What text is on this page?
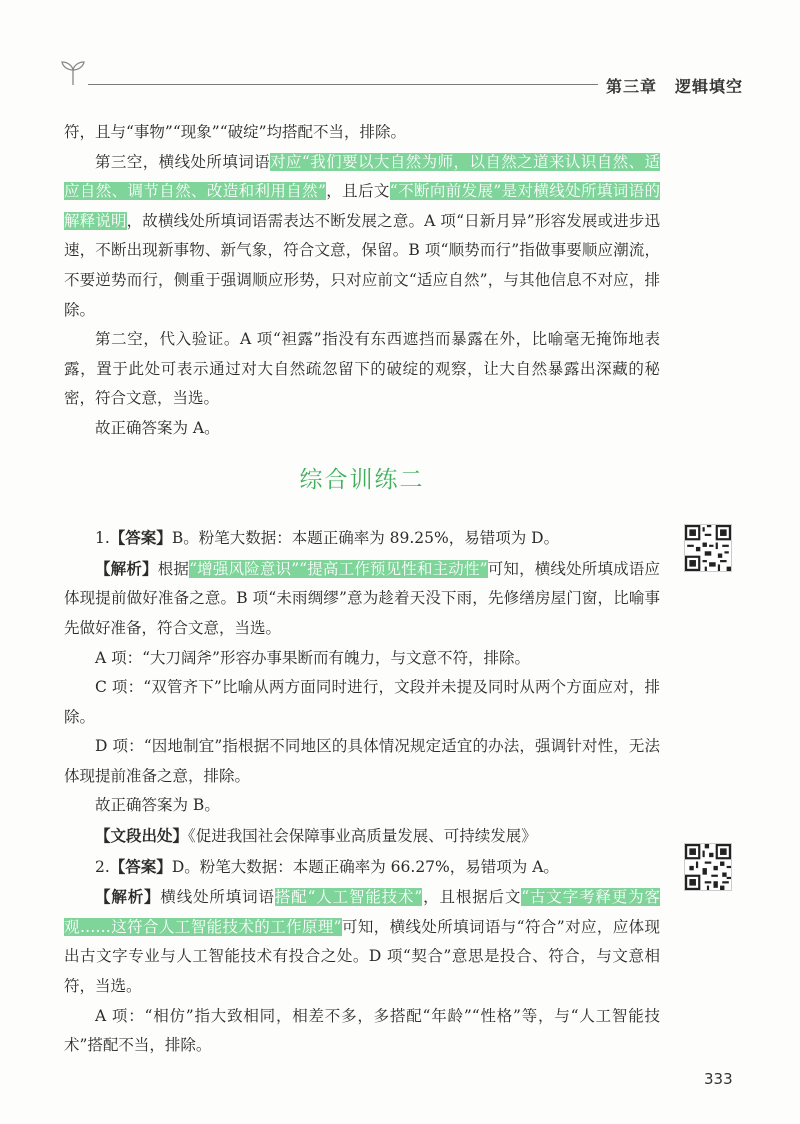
第三章 逻辑填空

符，且与“事物”“现象”“破绽”均搭配不当，排除。

第三空，横线处所填词语对应“我们要以大自然为师，以自然之道来认识自然、适应自然、调节自然、改造和利用自然”，且后文“不断向前发展”是对横线处所填词语的解释说明，故横线处所填词语需表达不断发展之意。A 项“日新月异”形容发展或进步迅速，不断出现新事物、新气象，符合文意，保留。B 项“顺势而行”指做事要顺应潮流，不要逆势而行，侧重于强调顺应形势，只对应前文“适应自然”，与其他信息不对应，排除。

第二空，代入验证。A 项“袒露”指没有东西遮挡而暴露在外，比喻毫无掩饰地表露，置于此处可表示通过对大自然疏忽留下的破绽的观察，让大自然暴露出深藏的秘密，符合文意，当选。

故正确答案为 A。

综合训练二

1.【答案】B。粉笔大数据：本题正确率为 89.25%，易错项为 D。

【解析】根据“增强风险意识”“提高工作预见性和主动性”可知，横线处所填成语应体现提前做好准备之意。B 项“未雨绸缪”意为趁着天没下雨，先修缮房屋门窗，比喻事先做好准备，符合文意，当选。

A 项：“大刀阔斧”形容办事果断而有魄力，与文意不符，排除。

C 项：“双管齐下”比喻从两方面同时进行，文段并未提及同时从两个方面应对，排除。

D 项：“因地制宜”指根据不同地区的具体情况规定适宜的办法，强调针对性，无法体现提前准备之意，排除。

故正确答案为 B。

【文段出处】《促进我国社会保障事业高质量发展、可持续发展》

2.【答案】D。粉笔大数据：本题正确率为 66.27%，易错项为 A。

【解析】横线处所填词语搭配“人工智能技术”，且根据后文“古文字考释更为客观……这符合人工智能技术的工作原理”可知，横线处所填词语与“符合”对应，应体现出古文字专业与人工智能技术有投合之处。D 项“契合”意思是投合、符合，与文意相符，当选。

A 项：“相仿”指大致相同，相差不多，多搭配“年龄”“性格”等，与“人工智能技术”搭配不当，排除。

333
